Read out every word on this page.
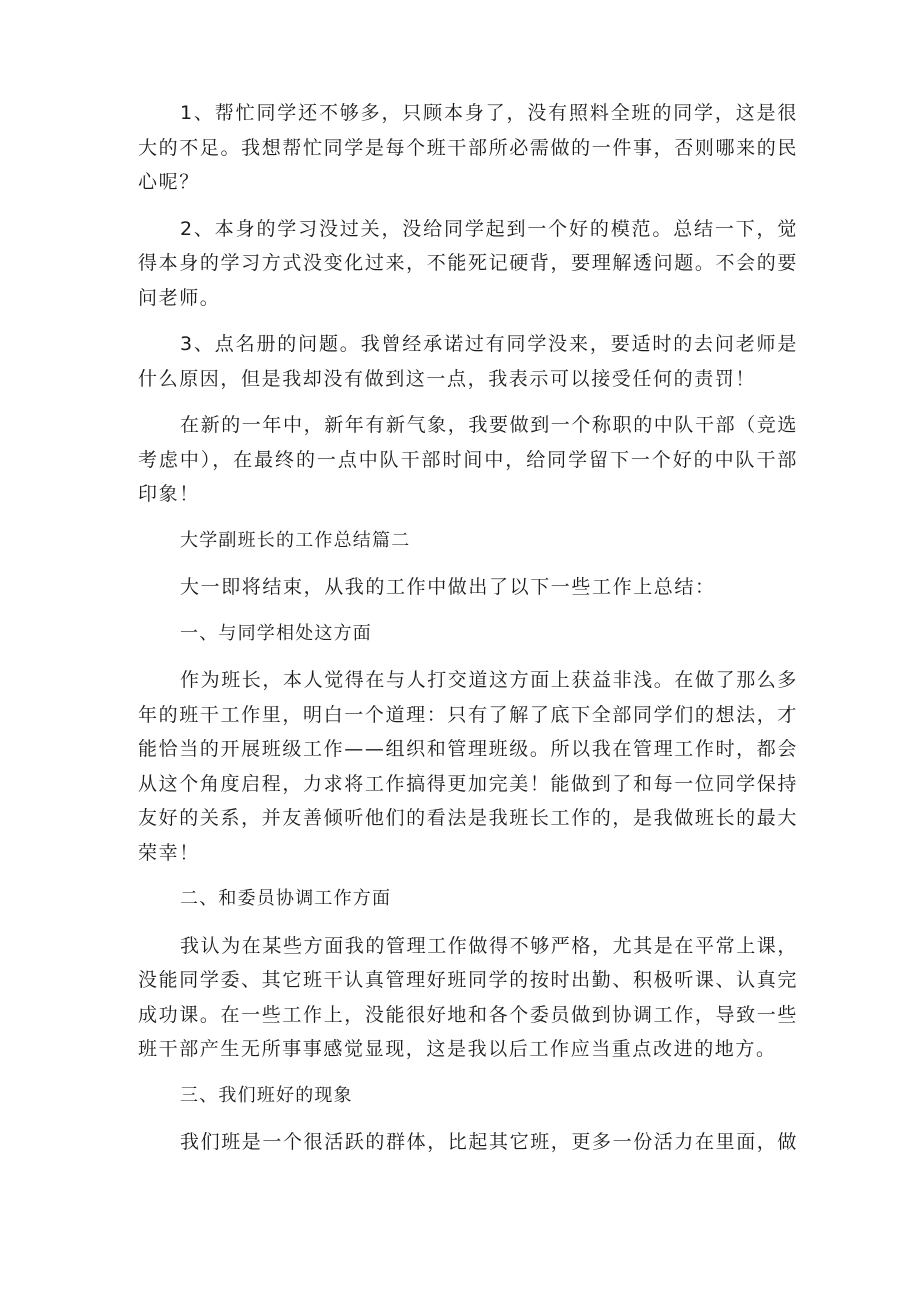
1、帮忙同学还不够多，只顾本身了，没有照料全班的同学，这是很大的不足。我想帮忙同学是每个班干部所必需做的一件事，否则哪来的民心呢？

2、本身的学习没过关，没给同学起到一个好的模范。总结一下，觉得本身的学习方式没变化过来，不能死记硬背，要理解透问题。不会的要问老师。

3、点名册的问题。我曾经承诺过有同学没来，要适时的去问老师是什么原因，但是我却没有做到这一点，我表示可以接受任何的责罚！

在新的一年中，新年有新气象，我要做到一个称职的中队干部（竞选考虑中），在最终的一点中队干部时间中，给同学留下一个好的中队干部印象！

大学副班长的工作总结篇二

大一即将结束，从我的工作中做出了以下一些工作上总结：

一、与同学相处这方面

作为班长，本人觉得在与人打交道这方面上获益非浅。在做了那么多年的班干工作里，明白一个道理：只有了解了底下全部同学们的想法，才能恰当的开展班级工作——组织和管理班级。所以我在管理工作时，都会从这个角度启程，力求将工作搞得更加完美！能做到了和每一位同学保持友好的关系，并友善倾听他们的看法是我班长工作的，是我做班长的最大荣幸！

二、和委员协调工作方面

我认为在某些方面我的管理工作做得不够严格，尤其是在平常上课，没能同学委、其它班干认真管理好班同学的按时出勤、积极听课、认真完成功课。在一些工作上，没能很好地和各个委员做到协调工作，导致一些班干部产生无所事事感觉显现，这是我以后工作应当重点改进的地方。

三、我们班好的现象

我们班是一个很活跃的群体，比起其它班，更多一份活力在里面，做
